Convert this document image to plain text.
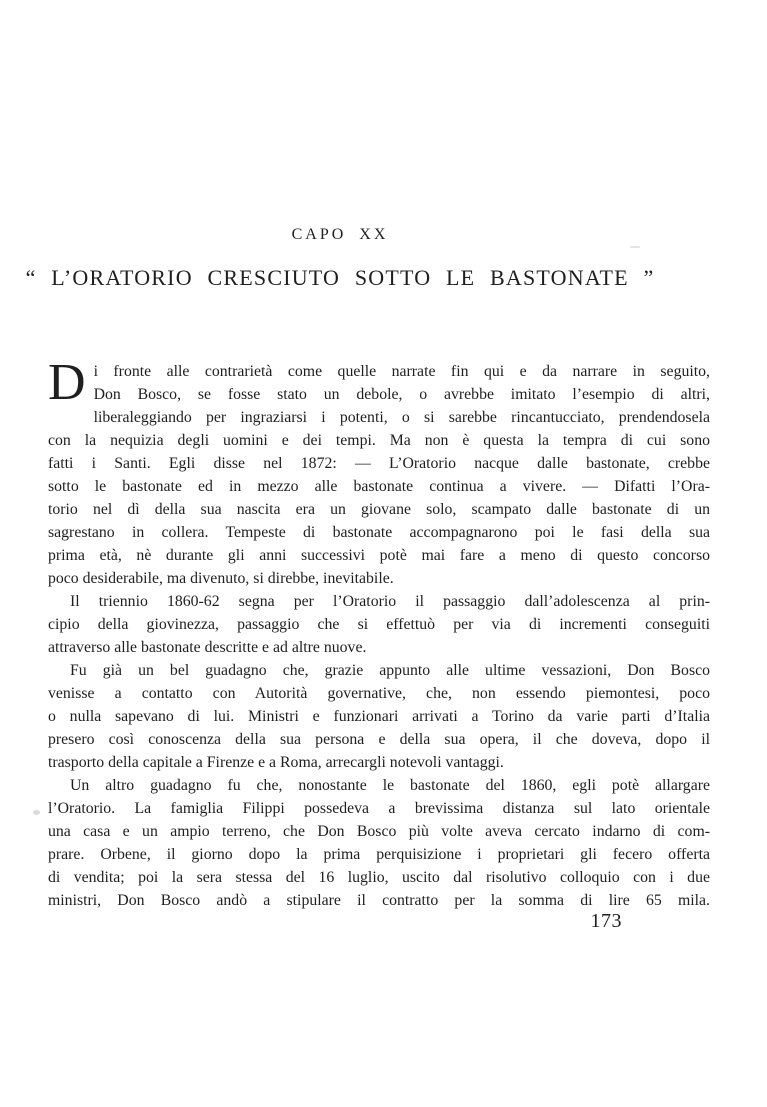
CAPO XX
“ L’ORATORIO CRESCIUTO SOTTO LE BASTONATE ”
D i fronte alle contrarietà come quelle narrate fin qui e da narrare in seguito,
Don Bosco, se fosse stato un debole, o avrebbe imitato l’esempio di altri,
liberaleggiando per ingraziarsi i potenti, o si sarebbe rincantucciato, prendendosela
con la nequizia degli uomini e dei tempi. Ma non è questa la tempra di cui sono
fatti i Santi. Egli disse nel 1872: — L’Oratorio nacque dalle bastonate, crebbe
sotto le bastonate ed in mezzo alle bastonate continua a vivere. — Difatti l’Ora-
torio nel dì della sua nascita era un giovane solo, scampato dalle bastonate di un
sagrestano in collera. Tempeste di bastonate accompagnarono poi le fasi della sua
prima età, nè durante gli anni successivi potè mai fare a meno di questo concorso
poco desiderabile, ma divenuto, si direbbe, inevitabile.
Il triennio 1860-62 segna per l’Oratorio il passaggio dall’adolescenza al prin-
cipio della giovinezza, passaggio che si effettuò per via di incrementi conseguiti
attraverso alle bastonate descritte e ad altre nuove.
Fu già un bel guadagno che, grazie appunto alle ultime vessazioni, Don Bosco
venisse a contatto con Autorità governative, che, non essendo piemontesi, poco
o nulla sapevano di lui. Ministri e funzionari arrivati a Torino da varie parti d’Italia
presero così conoscenza della sua persona e della sua opera, il che doveva, dopo il
trasporto della capitale a Firenze e a Roma, arrecargli notevoli vantaggi.
Un altro guadagno fu che, nonostante le bastonate del 1860, egli potè allargare
l’Oratorio. La famiglia Filippi possedeva a brevissima distanza sul lato orientale
una casa e un ampio terreno, che Don Bosco più volte aveva cercato indarno di com-
prare. Orbene, il giorno dopo la prima perquisizione i proprietari gli fecero offerta
di vendita; poi la sera stessa del 16 luglio, uscito dal risolutivo colloquio con i due
ministri, Don Bosco andò a stipulare il contratto per la somma di lire 65 mila.
173
